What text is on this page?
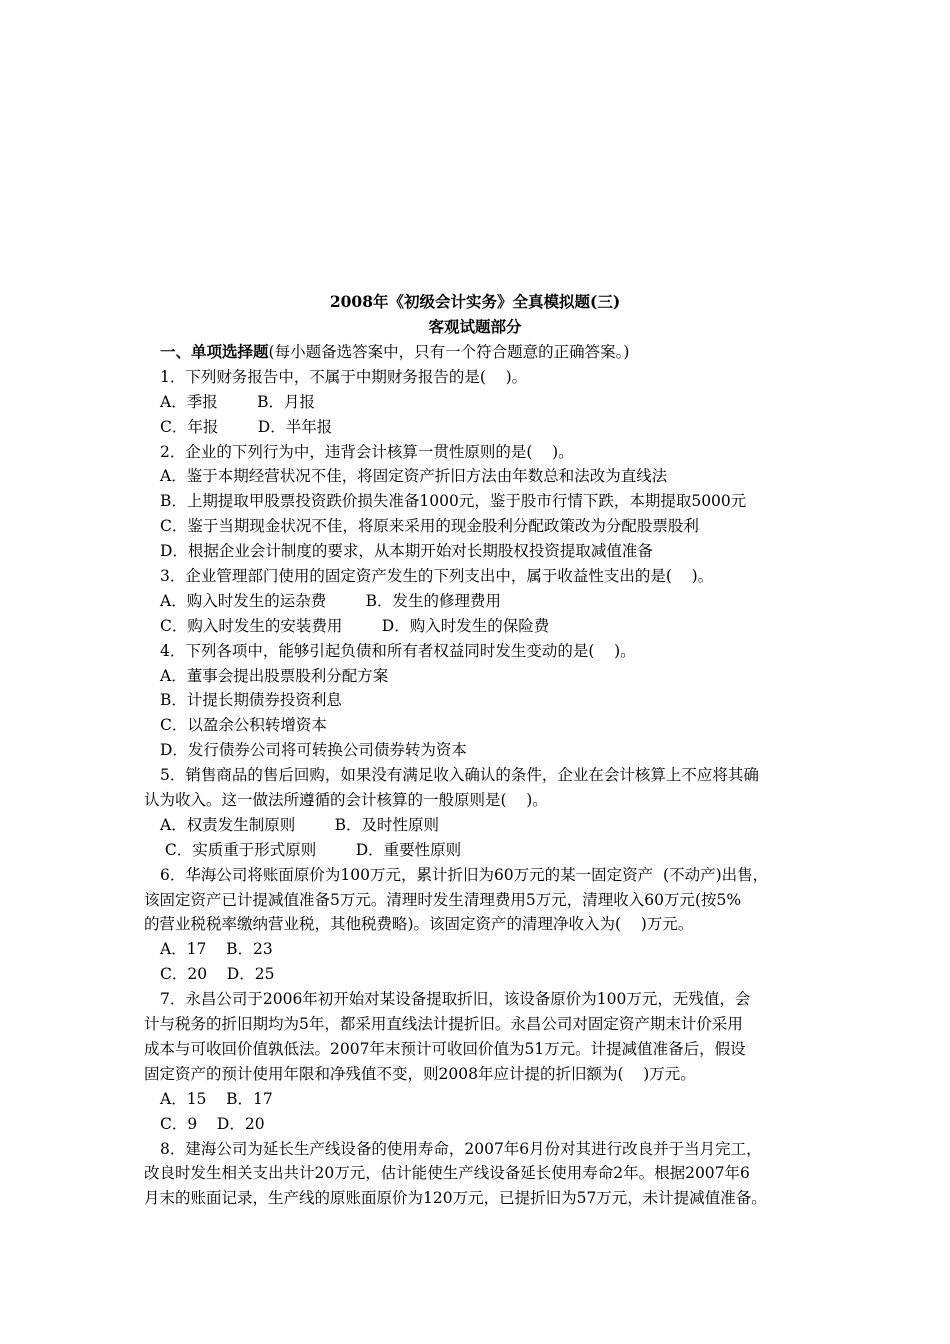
2008年《初级会计实务》全真模拟题(三)
客观试题部分
一、单项选择题(每小题备选答案中，只有一个符合题意的正确答案。)
1．下列财务报告中，不属于中期财务报告的是(    )。
A．季报        B．月报
C．年报        D．半年报
2．企业的下列行为中，违背会计核算一贯性原则的是(    )。
A．鉴于本期经营状况不佳，将固定资产折旧方法由年数总和法改为直线法
B．上期提取甲股票投资跌价损失准备1000元，鉴于股市行情下跌，本期提取5000元
C．鉴于当期现金状况不佳，将原来采用的现金股利分配政策改为分配股票股利
D．根据企业会计制度的要求，从本期开始对长期股权投资提取减值准备
3．企业管理部门使用的固定资产发生的下列支出中，属于收益性支出的是(    )。
A．购入时发生的运杂费        B．发生的修理费用
C．购入时发生的安装费用        D．购入时发生的保险费
4．下列各项中，能够引起负债和所有者权益同时发生变动的是(    )。
A．董事会提出股票股利分配方案
B．计提长期债券投资利息
C．以盈余公积转增资本
D．发行债券公司将可转换公司债券转为资本
5．销售商品的售后回购，如果没有满足收入确认的条件，企业在会计核算上不应将其确
认为收入。这一做法所遵循的会计核算的一般原则是(    )。
A．权责发生制原则        B．及时性原则
C．实质重于形式原则        D．重要性原则
6．华海公司将账面原价为100万元，累计折旧为60万元的某一固定资产  (不动产)出售，
该固定资产已计提减值准备5万元。清理时发生清理费用5万元，清理收入60万元(按5%
的营业税税率缴纳营业税，其他税费略)。该固定资产的清理净收入为(    )万元。
A．17    B．23
C．20    D．25
7．永昌公司于2006年初开始对某设备提取折旧，该设备原价为100万元，无残值，会
计与税务的折旧期均为5年，都采用直线法计提折旧。永昌公司对固定资产期末计价采用
成本与可收回价值孰低法。2007年末预计可收回价值为51万元。计提减值准备后，假设
固定资产的预计使用年限和净残值不变，则2008年应计提的折旧额为(    )万元。
A．15    B．17
C．9    D．20
8．建海公司为延长生产线设备的使用寿命，2007年6月份对其进行改良并于当月完工，
改良时发生相关支出共计20万元，估计能使生产线设备延长使用寿命2年。根据2007年6
月末的账面记录，生产线的原账面原价为120万元，已提折旧为57万元，未计提减值准备。
